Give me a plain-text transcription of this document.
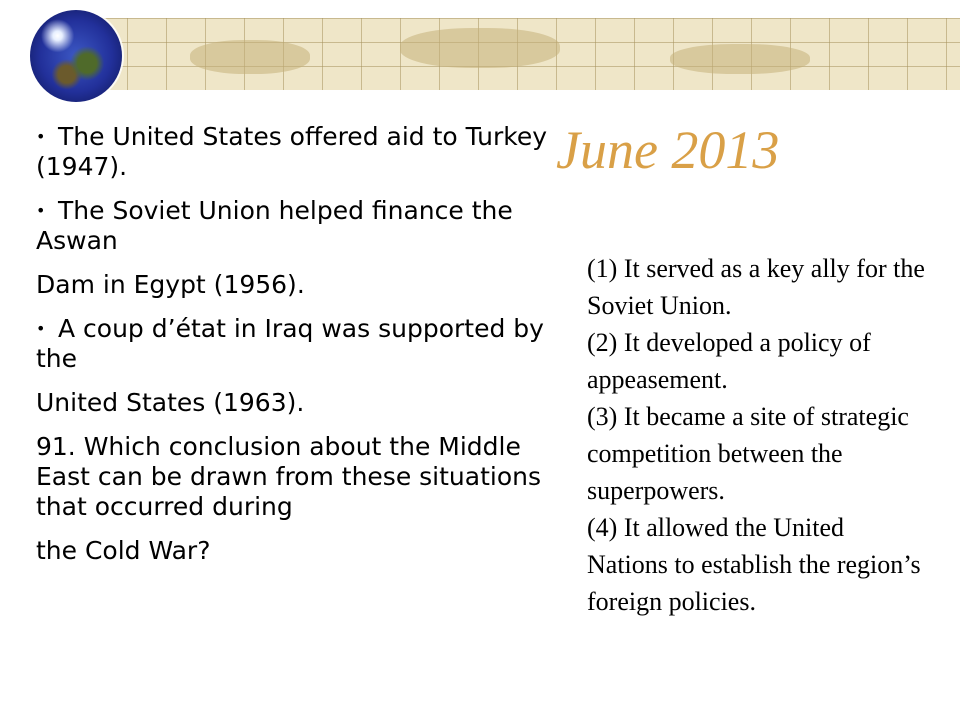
June 2013

• The United States offered aid to Turkey (1947).

• The Soviet Union helped finance the Aswan

Dam in Egypt (1956).

• A coup d’état in Iraq was supported by the

United States (1963).

91. Which conclusion about the Middle East can be drawn from these situations that occurred during

the Cold War?

(1) It served as a key ally for the Soviet Union.

(2) It developed a policy of appeasement.

(3) It became a site of strategic competition between the superpowers.

(4) It allowed the United Nations to establish the region’s foreign policies.
